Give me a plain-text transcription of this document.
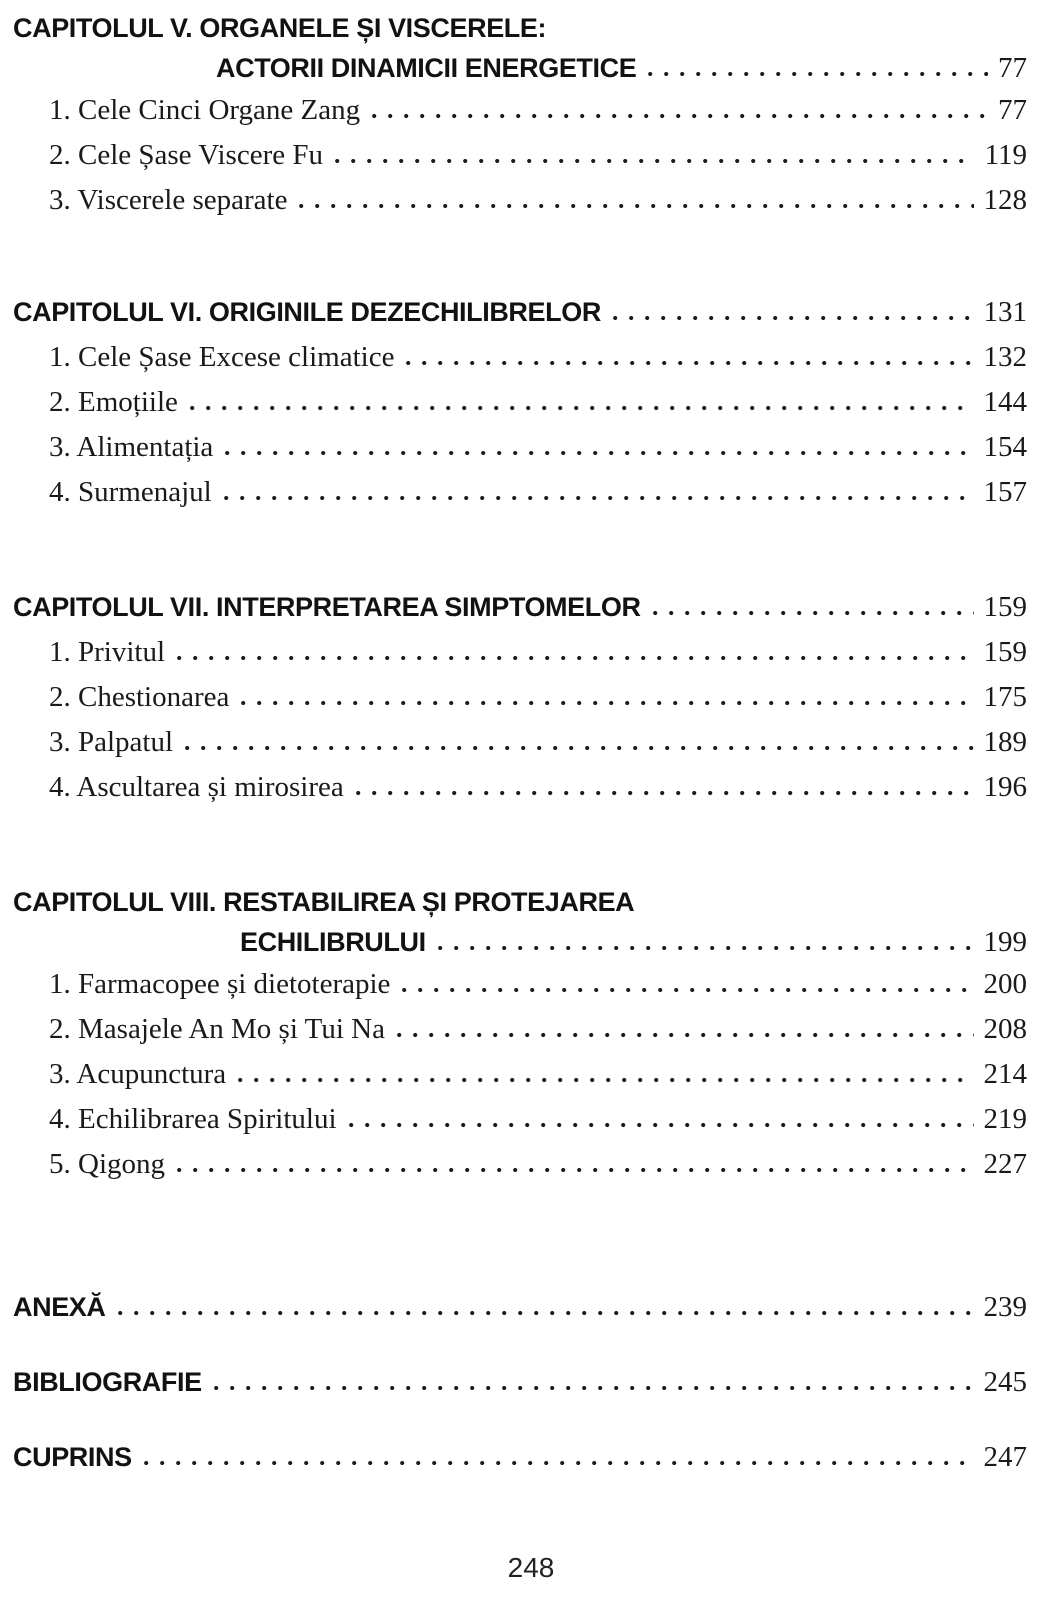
CAPITOLUL V. ORGANELE ȘI VISCERELE:
ACTORII DINAMICII ENERGETICE	77
1. Cele Cinci Organe Zang	77
2. Cele Șase Viscere Fu	119
3. Viscerele separate	128
CAPITOLUL VI. ORIGINILE DEZECHILIBRELOR	131
1. Cele Șase Excese climatice	132
2. Emoțiile	144
3. Alimentația	154
4. Surmenajul	157
CAPITOLUL VII. INTERPRETAREA SIMPTOMELOR	159
1. Privitul	159
2. Chestionarea	175
3. Palpatul	189
4. Ascultarea și mirosirea	196
CAPITOLUL VIII. RESTABILIREA ȘI PROTEJAREA
ECHILIBRULUI	199
1. Farmacopee și dietoterapie	200
2. Masajele An Mo și Tui Na	208
3. Acupunctura	214
4. Echilibrarea Spiritului	219
5. Qigong	227
ANEXĂ	239
BIBLIOGRAFIE	245
CUPRINS	247
248
